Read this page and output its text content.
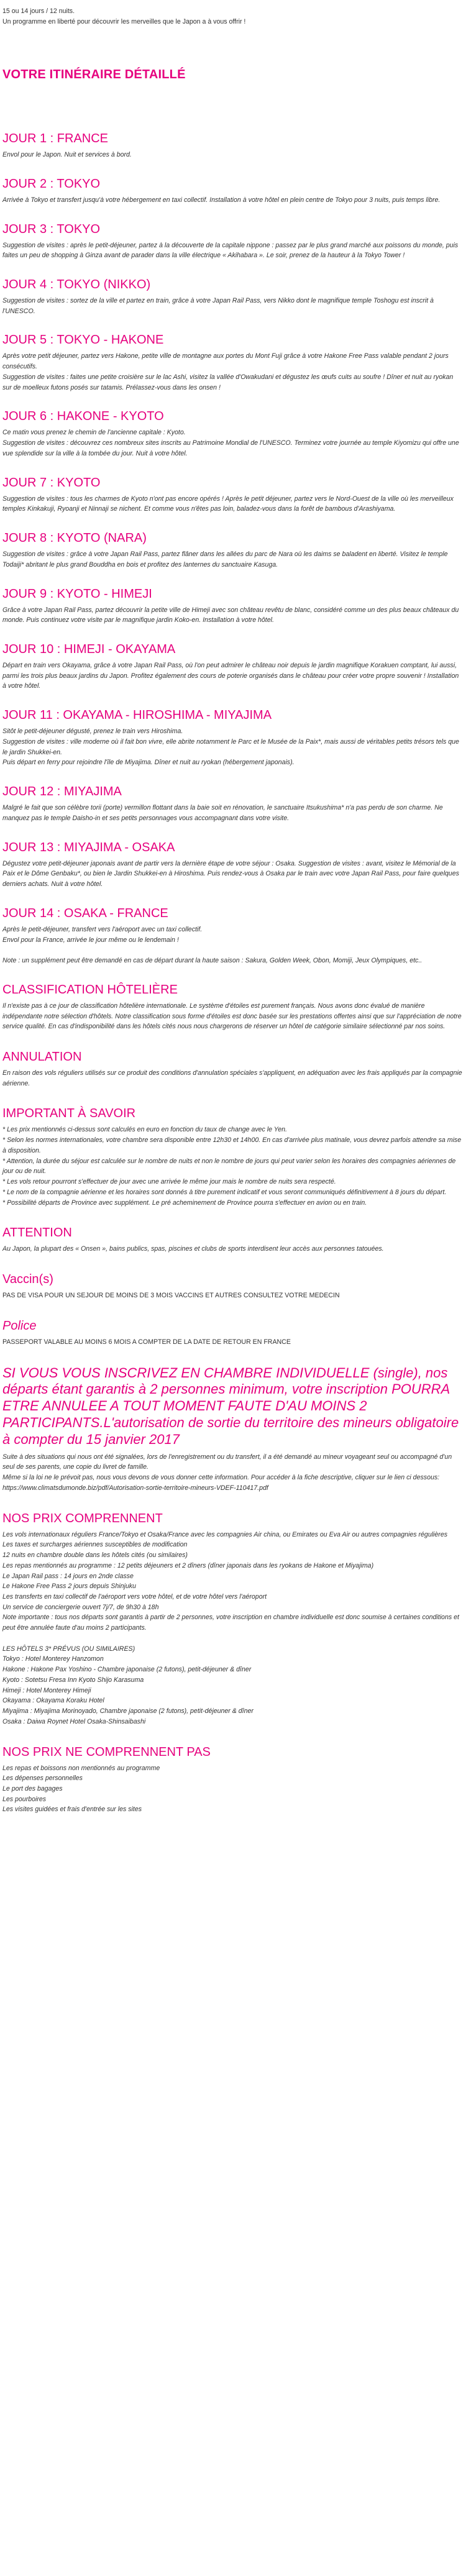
15 ou 14 jours / 12 nuits.

Un programme en liberté pour découvrir les merveilles que le Japon a à vous offrir !

VOTRE ITINÉRAIRE DÉTAILLÉ
JOUR 1 : FRANCE

Envol pour le Japon. Nuit et services à bord.

JOUR 2 : TOKYO

Arrivée à Tokyo et transfert jusqu'à votre hébergement en taxi collectif. Installation à votre hôtel en plein centre de Tokyo pour 3 nuits, puis temps libre.

JOUR 3 : TOKYO

Suggestion de visites : après le petit-déjeuner, partez à la découverte de la capitale nippone : passez par le plus grand marché aux poissons du monde, puis faites un peu de shopping à Ginza avant de parader dans la ville électrique « Akihabara ». Le soir, prenez de la hauteur à la Tokyo Tower !

JOUR 4 : TOKYO (NIKKO)

Suggestion de visites : sortez de la ville et partez en train, grâce à votre Japan Rail Pass, vers Nikko dont le magnifique temple Toshogu est inscrit à l'UNESCO.

JOUR 5 : TOKYO - HAKONE

Après votre petit déjeuner, partez vers Hakone, petite ville de montagne aux portes du Mont Fuji grâce à votre Hakone Free Pass valable pendant 2 jours consécutifs.

Suggestion de visites : faites une petite croisière sur le lac Ashi, visitez la vallée d'Owakudani et dégustez les œufs cuits au soufre ! Dîner et nuit au ryokan sur de moelleux futons posés sur tatamis. Prélassez-vous dans les onsen !

JOUR 6 : HAKONE - KYOTO

Ce matin vous prenez le chemin de l'ancienne capitale : Kyoto.

Suggestion de visites : découvrez ces nombreux sites inscrits au Patrimoine Mondial de l'UNESCO. Terminez votre journée au temple Kiyomizu qui offre une vue splendide sur la ville à la tombée du jour. Nuit à votre hôtel.

JOUR 7 : KYOTO

Suggestion de visites : tous les charmes de Kyoto n'ont pas encore opérés ! Après le petit déjeuner, partez vers le Nord-Ouest de la ville où les merveilleux temples Kinkakuji, Ryoanji et Ninnaji se nichent. Et comme vous n'êtes pas loin, baladez-vous dans la forêt de bambous d'Arashiyama.

JOUR 8 : KYOTO (NARA)

Suggestion de visites : grâce à votre Japan Rail Pass, partez flâner dans les allées du parc de Nara où les daims se baladent en liberté. Visitez le temple Todaiji* abritant le plus grand Bouddha en bois et profitez des lanternes du sanctuaire Kasuga.

JOUR 9 : KYOTO - HIMEJI

Grâce à votre Japan Rail Pass, partez découvrir la petite ville de Himeji avec son château revêtu de blanc, considéré comme un des plus beaux châteaux du monde. Puis continuez votre visite par le magnifique jardin Koko-en. Installation à votre hôtel.

JOUR 10 : HIMEJI - OKAYAMA

Départ en train vers Okayama, grâce à votre Japan Rail Pass, où l'on peut admirer le château noir depuis le jardin magnifique Korakuen comptant, lui aussi, parmi les trois plus beaux jardins du Japon. Profitez également des cours de poterie organisés dans le château pour créer votre propre souvenir ! Installation à votre hôtel.

JOUR 11 : OKAYAMA - HIROSHIMA - MIYAJIMA

Sitôt le petit-déjeuner dégusté, prenez le train vers Hiroshima.

Suggestion de visites : ville moderne où il fait bon vivre, elle abrite notamment le Parc et le Musée de la Paix*, mais aussi de véritables petits trésors tels que le jardin Shukkei-en.

Puis départ en ferry pour rejoindre l'île de Miyajima. Dîner et nuit au ryokan (hébergement japonais).

JOUR 12 : MIYAJIMA

Malgré le fait que son célèbre torii (porte) vermillon flottant dans la baie soit en rénovation, le sanctuaire Itsukushima* n'a pas perdu de son charme. Ne manquez pas le temple Daisho-in et ses petits personnages vous accompagnant dans votre visite.

JOUR 13 : MIYAJIMA - OSAKA

Dégustez votre petit-déjeuner japonais avant de partir vers la dernière étape de votre séjour : Osaka. Suggestion de visites : avant, visitez le Mémorial de la Paix et le Dôme Genbaku*, ou bien le Jardin Shukkei-en à Hiroshima. Puis rendez-vous à Osaka par le train avec votre Japan Rail Pass, pour faire quelques derniers achats. Nuit à votre hôtel.

JOUR 14 : OSAKA - FRANCE

Après le petit-déjeuner, transfert vers l'aéroport avec un taxi collectif.

Envol pour la France, arrivée le jour même ou le lendemain !

Note : un supplément peut être demandé en cas de départ durant la haute saison : Sakura, Golden Week, Obon, Momiji, Jeux Olympiques, etc..

CLASSIFICATION HÔTELIÈRE

Il n'existe pas à ce jour de classification hôtelière internationale. Le système d'étoiles est purement français. Nous avons donc évalué de manière indépendante notre sélection d'hôtels. Notre classification sous forme d'étoiles est donc basée sur les prestations offertes ainsi que sur l'appréciation de notre service qualité. En cas d'indisponibilité dans les hôtels cités nous nous chargerons de réserver un hôtel de catégorie similaire sélectionné par nos soins.

ANNULATION

En raison des vols réguliers utilisés sur ce produit des conditions d'annulation spéciales s'appliquent, en adéquation avec les frais appliqués par la compagnie aérienne.

IMPORTANT À SAVOIR

* Les prix mentionnés ci-dessus sont calculés en euro en fonction du taux de change avec le Yen.

* Selon les normes internationales, votre chambre sera disponible entre 12h30 et 14h00. En cas d'arrivée plus matinale, vous devrez parfois attendre sa mise à disposition.

* Attention, la durée du séjour est calculée sur le nombre de nuits et non le nombre de jours qui peut varier selon les horaires des compagnies aériennes de jour ou de nuit.

* Les vols retour pourront s'effectuer de jour avec une arrivée le même jour mais le nombre de nuits sera respecté.

* Le nom de la compagnie aérienne et les horaires sont donnés à titre purement indicatif et vous seront communiqués définitivement à 8 jours du départ.

* Possibilité départs de Province avec supplément. Le pré acheminement de Province pourra s'effectuer en avion ou en train.

ATTENTION

Au Japon, la plupart des « Onsen », bains publics, spas, piscines et clubs de sports interdisent leur accès aux personnes tatouées.

Vaccin(s)

PAS DE VISA POUR UN SEJOUR DE MOINS DE 3 MOIS VACCINS ET AUTRES CONSULTEZ VOTRE MEDECIN

Police

PASSEPORT VALABLE AU MOINS 6 MOIS A COMPTER DE LA DATE DE RETOUR EN FRANCE

SI VOUS VOUS INSCRIVEZ EN CHAMBRE INDIVIDUELLE (single), nos départs étant garantis à 2 personnes minimum, votre inscription POURRA ETRE ANNULEE A TOUT MOMENT FAUTE D'AU MOINS 2 PARTICIPANTS.L'autorisation de sortie du territoire des mineurs obligatoire à compter du 15 janvier 2017

Suite à des situations qui nous ont été signalées, lors de l'enregistrement ou du transfert, il a été demandé au mineur voyageant seul ou accompagné d'un seul de ses parents, une copie du livret de famille.

Même si la loi ne le prévoit pas, nous vous devons de vous donner cette information. Pour accéder à la fiche descriptive, cliquer sur le lien ci dessous:

https://www.climatsdumonde.biz/pdf/Autorisation-sortie-territoire-mineurs-VDEF-110417.pdf

NOS PRIX COMPRENNENT

Les vols internationaux réguliers France/Tokyo et Osaka/France avec les compagnies Air china, ou Emirates ou Eva Air ou autres compagnies régulières

Les taxes et surcharges aériennes susceptibles de modification

12 nuits en chambre double dans les hôtels cités (ou similaires)

Les repas mentionnés au programme : 12 petits déjeuners et 2 dîners (dîner japonais dans les ryokans de Hakone et Miyajima)

Le Japan Rail pass : 14 jours en 2nde classe

Le Hakone Free Pass 2 jours depuis Shinjuku

Les transferts en taxi collectif de l'aéroport vers votre hôtel, et de votre hôtel vers l'aéroport

Un service de conciergerie ouvert 7j/7, de 9h30 à 18h

Note importante : tous nos départs sont garantis à partir de 2 personnes, votre inscription en chambre individuelle est donc soumise à certaines conditions et peut être annulée faute d'au moins 2 participants.

LES HÔTELS 3* PRÉVUS (OU SIMILAIRES)

Tokyo : Hotel Monterey Hanzomon

Hakone : Hakone Pax Yoshino - Chambre japonaise (2 futons), petit-déjeuner & dîner

Kyoto : Sotetsu Fresa Inn Kyoto Shijo Karasuma

Himeji : Hotel Monterey Himeji

Okayama : Okayama Koraku Hotel

Miyajima : Miyajima Morinoyado, Chambre japonaise (2 futons), petit-déjeuner & dîner

Osaka : Daiwa Roynet Hotel Osaka-Shinsaibashi

NOS PRIX NE COMPRENNENT PAS

Les repas et boissons non mentionnés au programme

Les dépenses personnelles

Le port des bagages

Les pourboires

Les visites guidées et frais d'entrée sur les sites
